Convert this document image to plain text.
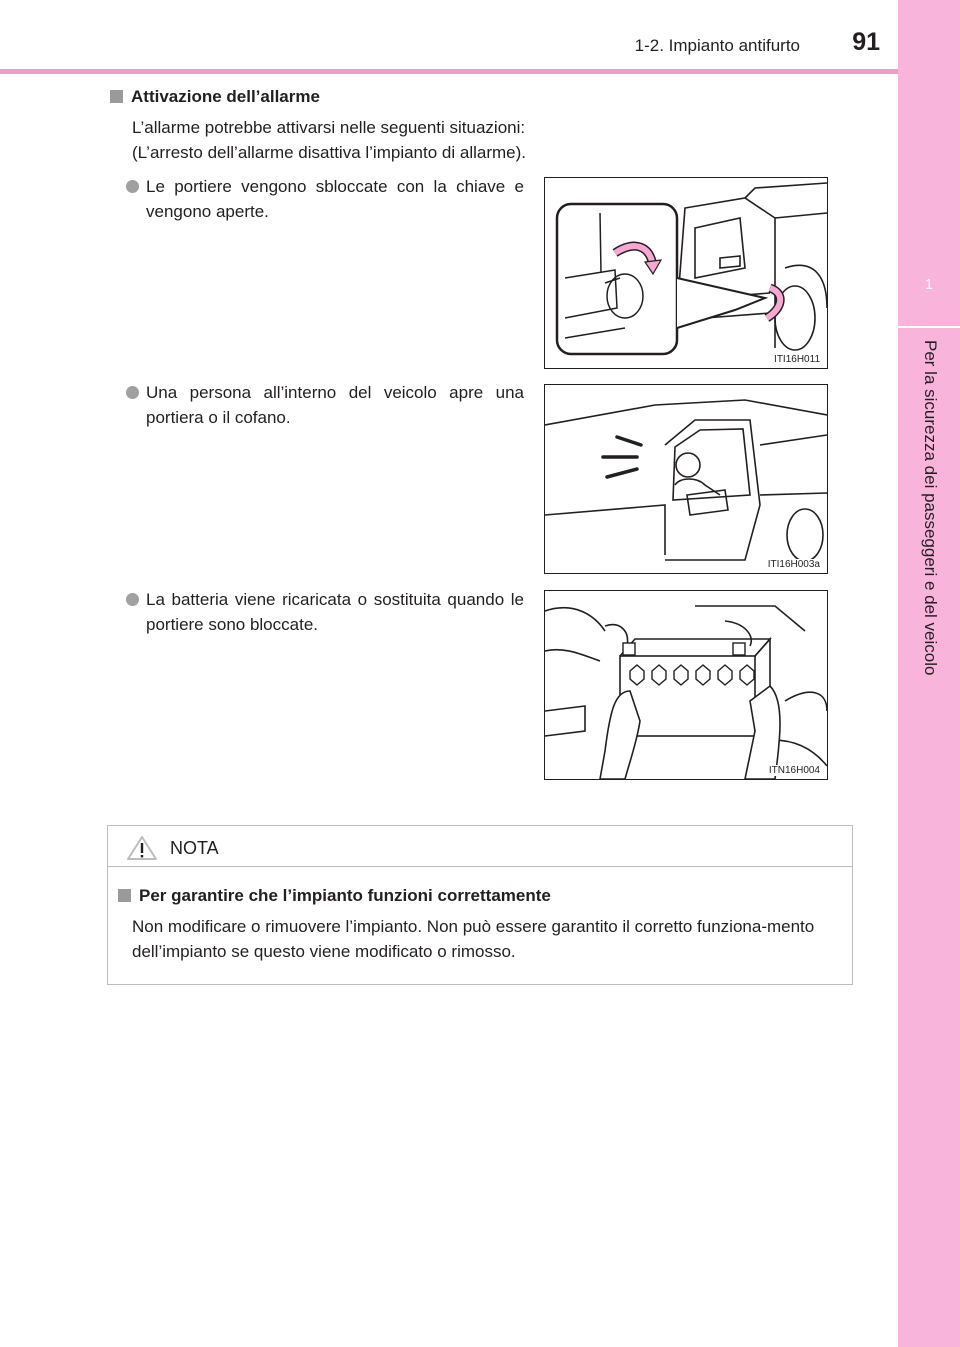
1-2. Impianto antifurto	91
1
Per la sicurezza dei passeggeri e del veicolo
Attivazione dell’allarme
L’allarme potrebbe attivarsi nelle seguenti situazioni:
(L’arresto dell’allarme disattiva l’impianto di allarme).
Le portiere vengono sbloccate con la chiave e vengono aperte.
ITI16H011
Una persona all’interno del veicolo apre una portiera o il cofano.
ITI16H003a
La batteria viene ricaricata o sostituita quando le portiere sono bloccate.
ITN16H004
NOTA
Per garantire che l’impianto funzioni correttamente
Non modificare o rimuovere l’impianto. Non può essere garantito il corretto funziona-mento dell’impianto se questo viene modificato o rimosso.
